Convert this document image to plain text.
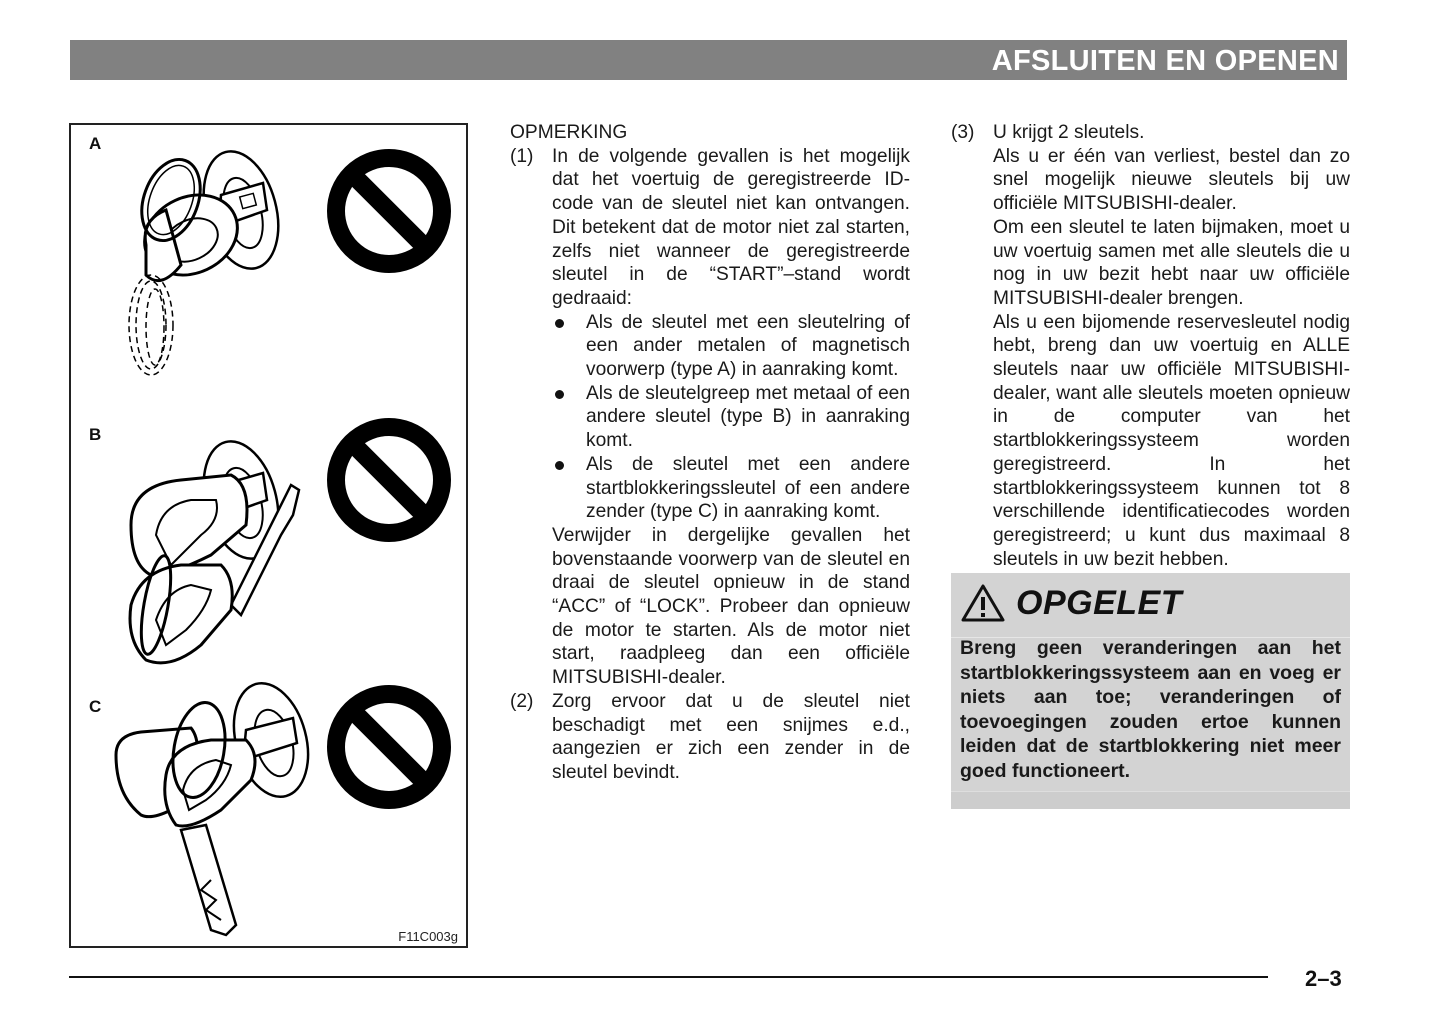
AFSLUITEN EN OPENEN
A
B
C
F11C003g
OPMERKING
(1) In de volgende gevallen is het mogelijk dat het voertuig de geregistreerde ID-code van de sleutel niet kan ontvangen. Dit betekent dat de motor niet zal starten, zelfs niet wanneer de geregistreerde sleutel in de “START”–stand wordt gedraaid:

Als de sleutel met een sleutelring of een ander metalen of magnetisch voorwerp (type A) in aanraking komt.

Als de sleutelgreep met metaal of een andere sleutel (type B) in aanraking komt.

Als de sleutel met een andere startblokkeringssleutel of een andere zender (type C) in aanraking komt.

Verwijder in dergelijke gevallen het bovenstaande voorwerp van de sleutel en draai de sleutel opnieuw in de stand “ACC” of “LOCK”. Probeer dan opnieuw de motor te starten. Als de motor niet start, raadpleeg dan een officiële MITSUBISHI-dealer.

(2) Zorg ervoor dat u de sleutel niet beschadigt met een snijmes e.d., aangezien er zich een zender in de sleutel bevindt.

(3) U krijgt 2 sleutels.

Als u er één van verliest, bestel dan zo snel mogelijk nieuwe sleutels bij uw officiële MITSUBISHI-dealer.

Om een sleutel te laten bijmaken, moet u uw voertuig samen met alle sleutels die u nog in uw bezit hebt naar uw officiële MITSUBISHI-dealer brengen.

Als u een bijomende reservesleutel nodig hebt, breng dan uw voertuig en ALLE sleutels naar uw officiële MITSUBISHI-dealer, want alle sleutels moeten opnieuw in de computer van het startblokkeringssysteem worden geregistreerd. In het startblokkeringssysteem kunnen tot 8 verschillende identificatiecodes worden geregistreerd; u kunt dus maximaal 8 sleutels in uw bezit hebben.

OPGELET
Breng geen veranderingen aan het startblokkeringssysteem aan en voeg er niets aan toe; veranderingen of toevoegingen zouden ertoe kunnen leiden dat de startblokkering niet meer goed functioneert.
2–3
